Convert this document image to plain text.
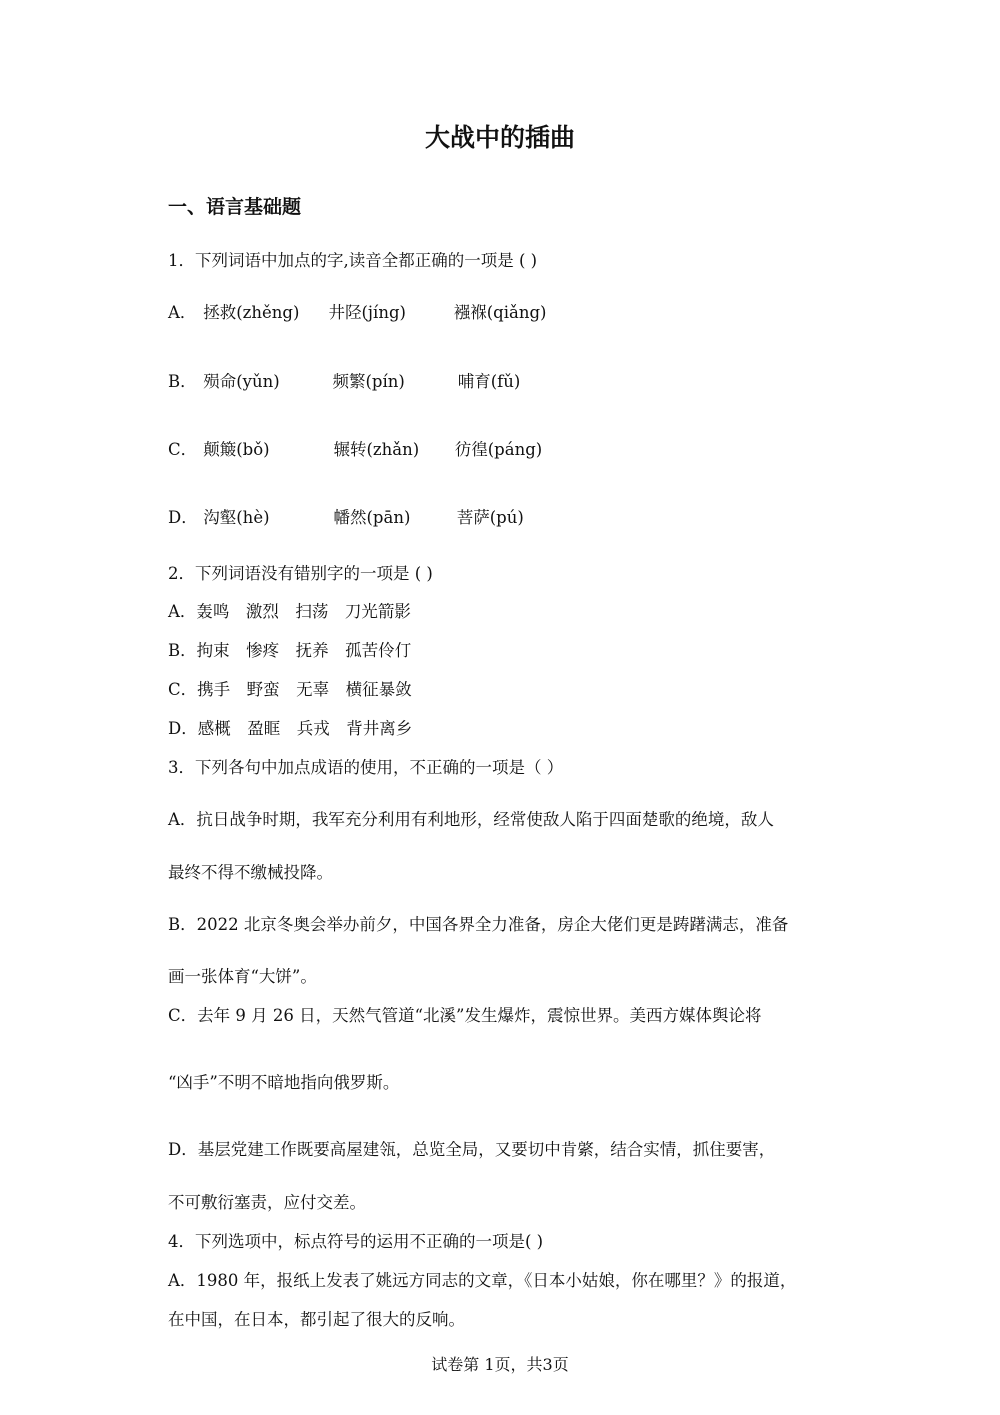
大战中的插曲
一、语言基础题
1．下列词语中加点的字,读音全都正确的一项是 ( )
A． 拯救(zhěng) 井陉(jíng)	襁褓(qiǎng)
B． 殒命(yǔn)	频繁(pín)	哺育(fǔ)
C． 颠簸(bǒ)	辗转(zhǎn) 彷徨(páng)
D． 沟壑(hè)	幡然(pān)	菩萨(pú)
2．下列词语没有错别字的一项是 ( )
A．轰鸣　激烈　扫荡　刀光箭影
B．拘束　惨疼　抚养　孤苦伶仃
C．携手　野蛮　无辜　横征暴敛
D．感概　盈眶　兵戎　背井离乡
3．下列各句中加点成语的使用，不正确的一项是（ ）
A．抗日战争时期，我军充分利用有利地形，经常使敌人陷于四面楚歌的绝境，敌人
最终不得不缴械投降。
B．2022 北京冬奥会举办前夕，中国各界全力准备，房企大佬们更是踌躇满志，准备
画一张体育“大饼”。
C．去年 9 月 26 日，天然气管道“北溪”发生爆炸，震惊世界。美西方媒体舆论将
“凶手”不明不暗地指向俄罗斯。
D．基层党建工作既要高屋建瓴，总览全局，又要切中肯綮，结合实情，抓住要害，
不可敷衍塞责，应付交差。
4．下列选项中，标点符号的运用不正确的一项是( )
A．1980 年，报纸上发表了姚远方同志的文章，《日本小姑娘，你在哪里？》的报道，
在中国，在日本，都引起了很大的反响。
试卷第 1页，共3页
